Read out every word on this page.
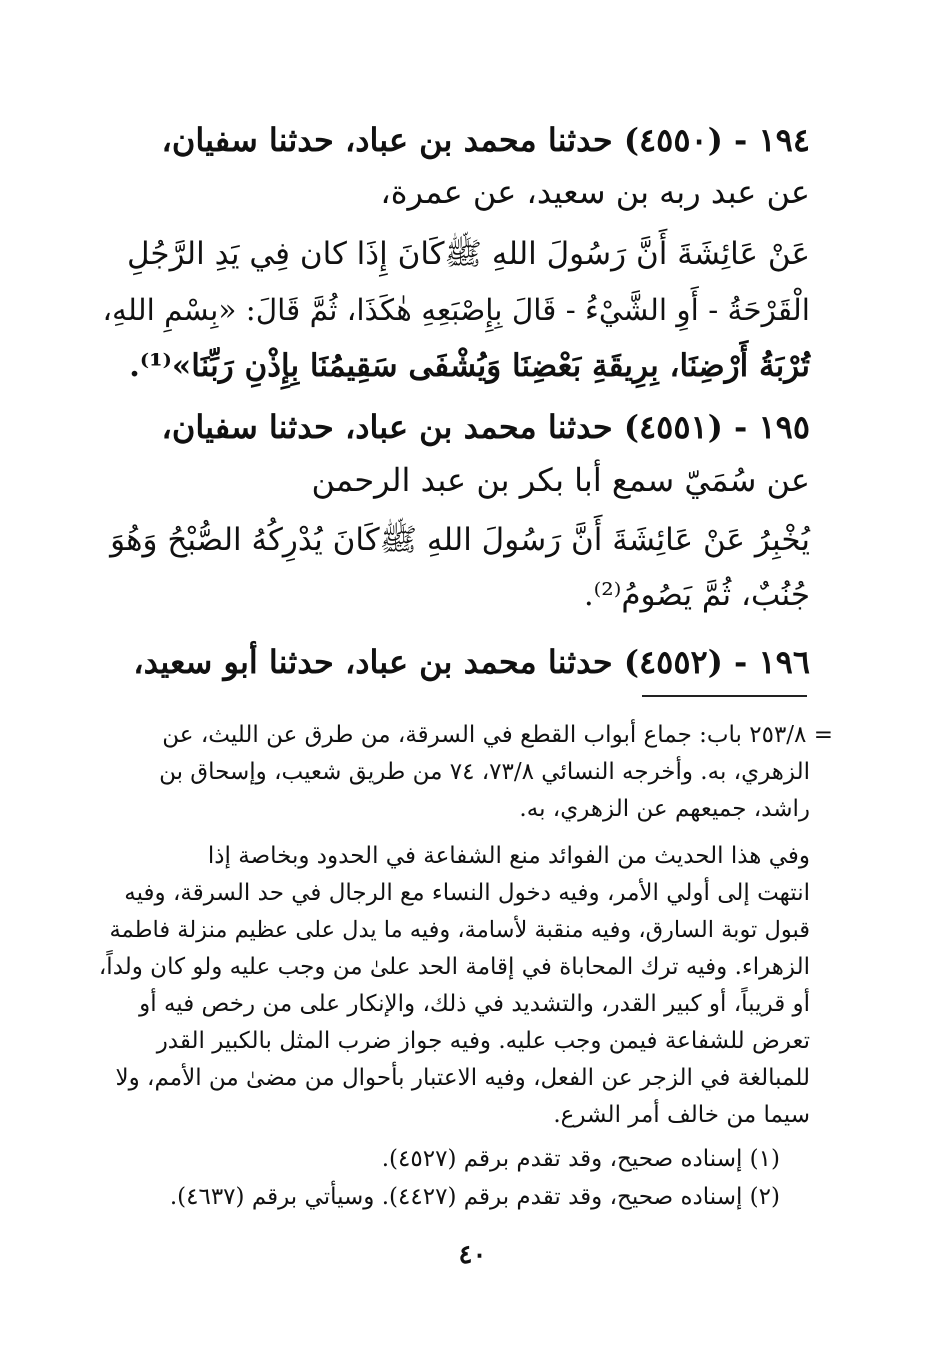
١٩٤ - (٤٥٥٠) حدثنا محمد بن عباد، حدثنا سفيان،

عن عبد ربه بن سعيد، عن عمرة،

عَنْ عَائِشَةَ أَنَّ رَسُولَ اللهِ ﷺكَانَ إِذَا كان فِي يَدِ الرَّجُلِ

الْقَرْحَةُ - أَوِ الشَّيْءُ - قَالَ بِإِصْبَعِهِ هٰكَذَا، ثُمَّ قَالَ: «بِسْمِ اللهِ،

تُرْبَةُ أَرْضِنَا، بِرِيقَةِ بَعْضِنَا وَيُشْفَى سَقِيمُنَا بِإِذْنِ رَبِّنَا»⁽¹⁾.

١٩٥ - (٤٥٥١) حدثنا محمد بن عباد، حدثنا سفيان،

عن سُمَيّ سمع أبا بكر بن عبد الرحمن

يُخْبِرُ عَنْ عَائِشَةَ أَنَّ رَسُولَ اللهِ ﷺكَانَ يُدْرِكُهُ الصُّبْحُ وَهُوَ

جُنُبٌ، ثُمَّ يَصُومُ⁽²⁾.

١٩٦ - (٤٥٥٢) حدثنا محمد بن عباد، حدثنا أبو سعيد،

= ٢٥٣/٨ باب: جماع أبواب القطع في السرقة، من طرق عن الليث، عن

الزهري، به. وأخرجه النسائي ٧٣/٨، ٧٤ من طريق شعيب، وإسحاق بن

راشد، جميعهم عن الزهري، به.

وفي هذا الحديث من الفوائد منع الشفاعة في الحدود وبخاصة إذا

انتهت إلى أولي الأمر، وفيه دخول النساء مع الرجال في حد السرقة، وفيه

قبول توبة السارق، وفيه منقبة لأسامة، وفيه ما يدل على عظيم منزلة فاطمة

الزهراء. وفيه ترك المحاباة في إقامة الحد علىٰ من وجب عليه ولو كان ولداً،

أو قريباً، أو كبير القدر، والتشديد في ذلك، والإنكار على من رخص فيه أو

تعرض للشفاعة فيمن وجب عليه. وفيه جواز ضرب المثل بالكبير القدر

للمبالغة في الزجر عن الفعل، وفيه الاعتبار بأحوال من مضىٰ من الأمم، ولا

سيما من خالف أمر الشرع.

(١) إسناده صحيح، وقد تقدم برقم (٤٥٢٧).

(٢) إسناده صحيح، وقد تقدم برقم (٤٤٢٧). وسيأتي برقم (٤٦٣٧).

٤٠
